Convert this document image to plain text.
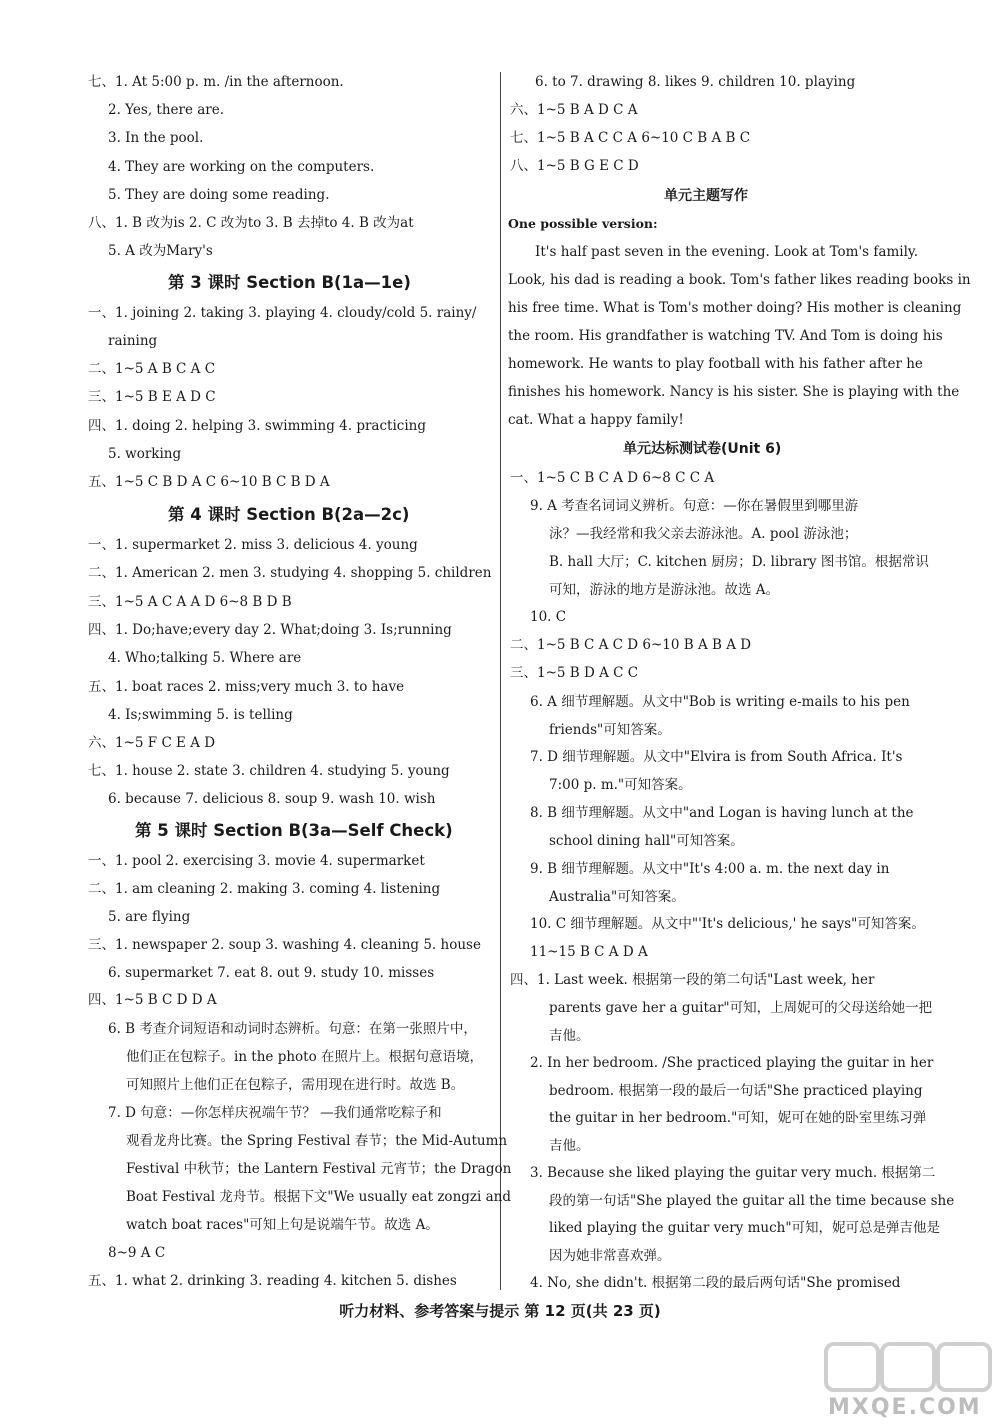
七、1. At 5:00 p. m. /in the afternoon.
2. Yes, there are.
3. In the pool.
4. They are working on the computers.
5. They are doing some reading.
八、1. B 改为is 2. C 改为to 3. B 去掉to 4. B 改为at
5. A 改为Mary's
第 3 课时 Section B(1a—1e)
一、1. joining 2. taking 3. playing 4. cloudy/cold 5. rainy/
raining
二、1~5 A B C A C
三、1~5 B E A D C
四、1. doing 2. helping 3. swimming 4. practicing
5. working
五、1~5 C B D A C 6~10 B C B D A
第 4 课时 Section B(2a—2c)
一、1. supermarket 2. miss 3. delicious 4. young
二、1. American 2. men 3. studying 4. shopping 5. children
三、1~5 A C A A D 6~8 B D B
四、1. Do;have;every day 2. What;doing 3. Is;running
4. Who;talking 5. Where are
五、1. boat races 2. miss;very much 3. to have
4. Is;swimming 5. is telling
六、1~5 F C E A D
七、1. house 2. state 3. children 4. studying 5. young
6. because 7. delicious 8. soup 9. wash 10. wish
第 5 课时 Section B(3a—Self Check)
一、1. pool 2. exercising 3. movie 4. supermarket
二、1. am cleaning 2. making 3. coming 4. listening
5. are flying
三、1. newspaper 2. soup 3. washing 4. cleaning 5. house
6. supermarket 7. eat 8. out 9. study 10. misses
四、1~5 B C D D A
6. B 考查介词短语和动词时态辨析。句意：在第一张照片中，
他们正在包粽子。in the photo 在照片上。根据句意语境，
可知照片上他们正在包粽子，需用现在进行时。故选 B。
7. D 句意：—你怎样庆祝端午节？ —我们通常吃粽子和
观看龙舟比赛。the Spring Festival 春节；the Mid-Autumn
Festival 中秋节；the Lantern Festival 元宵节；the Dragon
Boat Festival 龙舟节。根据下文"We usually eat zongzi and
watch boat races"可知上句是说端午节。故选 A。
8~9 A C
五、1. what 2. drinking 3. reading 4. kitchen 5. dishes
6. to 7. drawing 8. likes 9. children 10. playing
六、1~5 B A D C A
七、1~5 B A C C A 6~10 C B A B C
八、1~5 B G E C D
单元主题写作
One possible version:
It's half past seven in the evening. Look at Tom's family.
Look, his dad is reading a book. Tom's father likes reading books in
his free time. What is Tom's mother doing? His mother is cleaning
the room. His grandfather is watching TV. And Tom is doing his
homework. He wants to play football with his father after he
finishes his homework. Nancy is his sister. She is playing with the
cat. What a happy family!
单元达标测试卷(Unit 6)
一、1~5 C B C A D 6~8 C C A
9. A 考查名词词义辨析。句意：—你在暑假里到哪里游
泳？—我经常和我父亲去游泳池。A. pool 游泳池；
B. hall 大厅；C. kitchen 厨房；D. library 图书馆。根据常识
可知，游泳的地方是游泳池。故选 A。
10. C
二、1~5 B C A C D 6~10 B A B A D
三、1~5 B D A C C
6. A 细节理解题。从文中"Bob is writing e-mails to his pen
friends"可知答案。
7. D 细节理解题。从文中"Elvira is from South Africa. It's
7:00 p. m."可知答案。
8. B 细节理解题。从文中"and Logan is having lunch at the
school dining hall"可知答案。
9. B 细节理解题。从文中"It's 4:00 a. m. the next day in
Australia"可知答案。
10. C 细节理解题。从文中"'It's delicious,' he says"可知答案。
11~15 B C A D A
四、1. Last week. 根据第一段的第二句话"Last week, her
parents gave her a guitar"可知，上周妮可的父母送给她一把
吉他。
2. In her bedroom. /She practiced playing the guitar in her
bedroom. 根据第一段的最后一句话"She practiced playing
the guitar in her bedroom."可知，妮可在她的卧室里练习弹
吉他。
3. Because she liked playing the guitar very much. 根据第二
段的第一句话"She played the guitar all the time because she
liked playing the guitar very much"可知，妮可总是弹吉他是
因为她非常喜欢弹。
4. No, she didn't. 根据第二段的最后两句话"She promised
听力材料、参考答案与提示 第 12 页(共 23 页)
MXQE.COM
